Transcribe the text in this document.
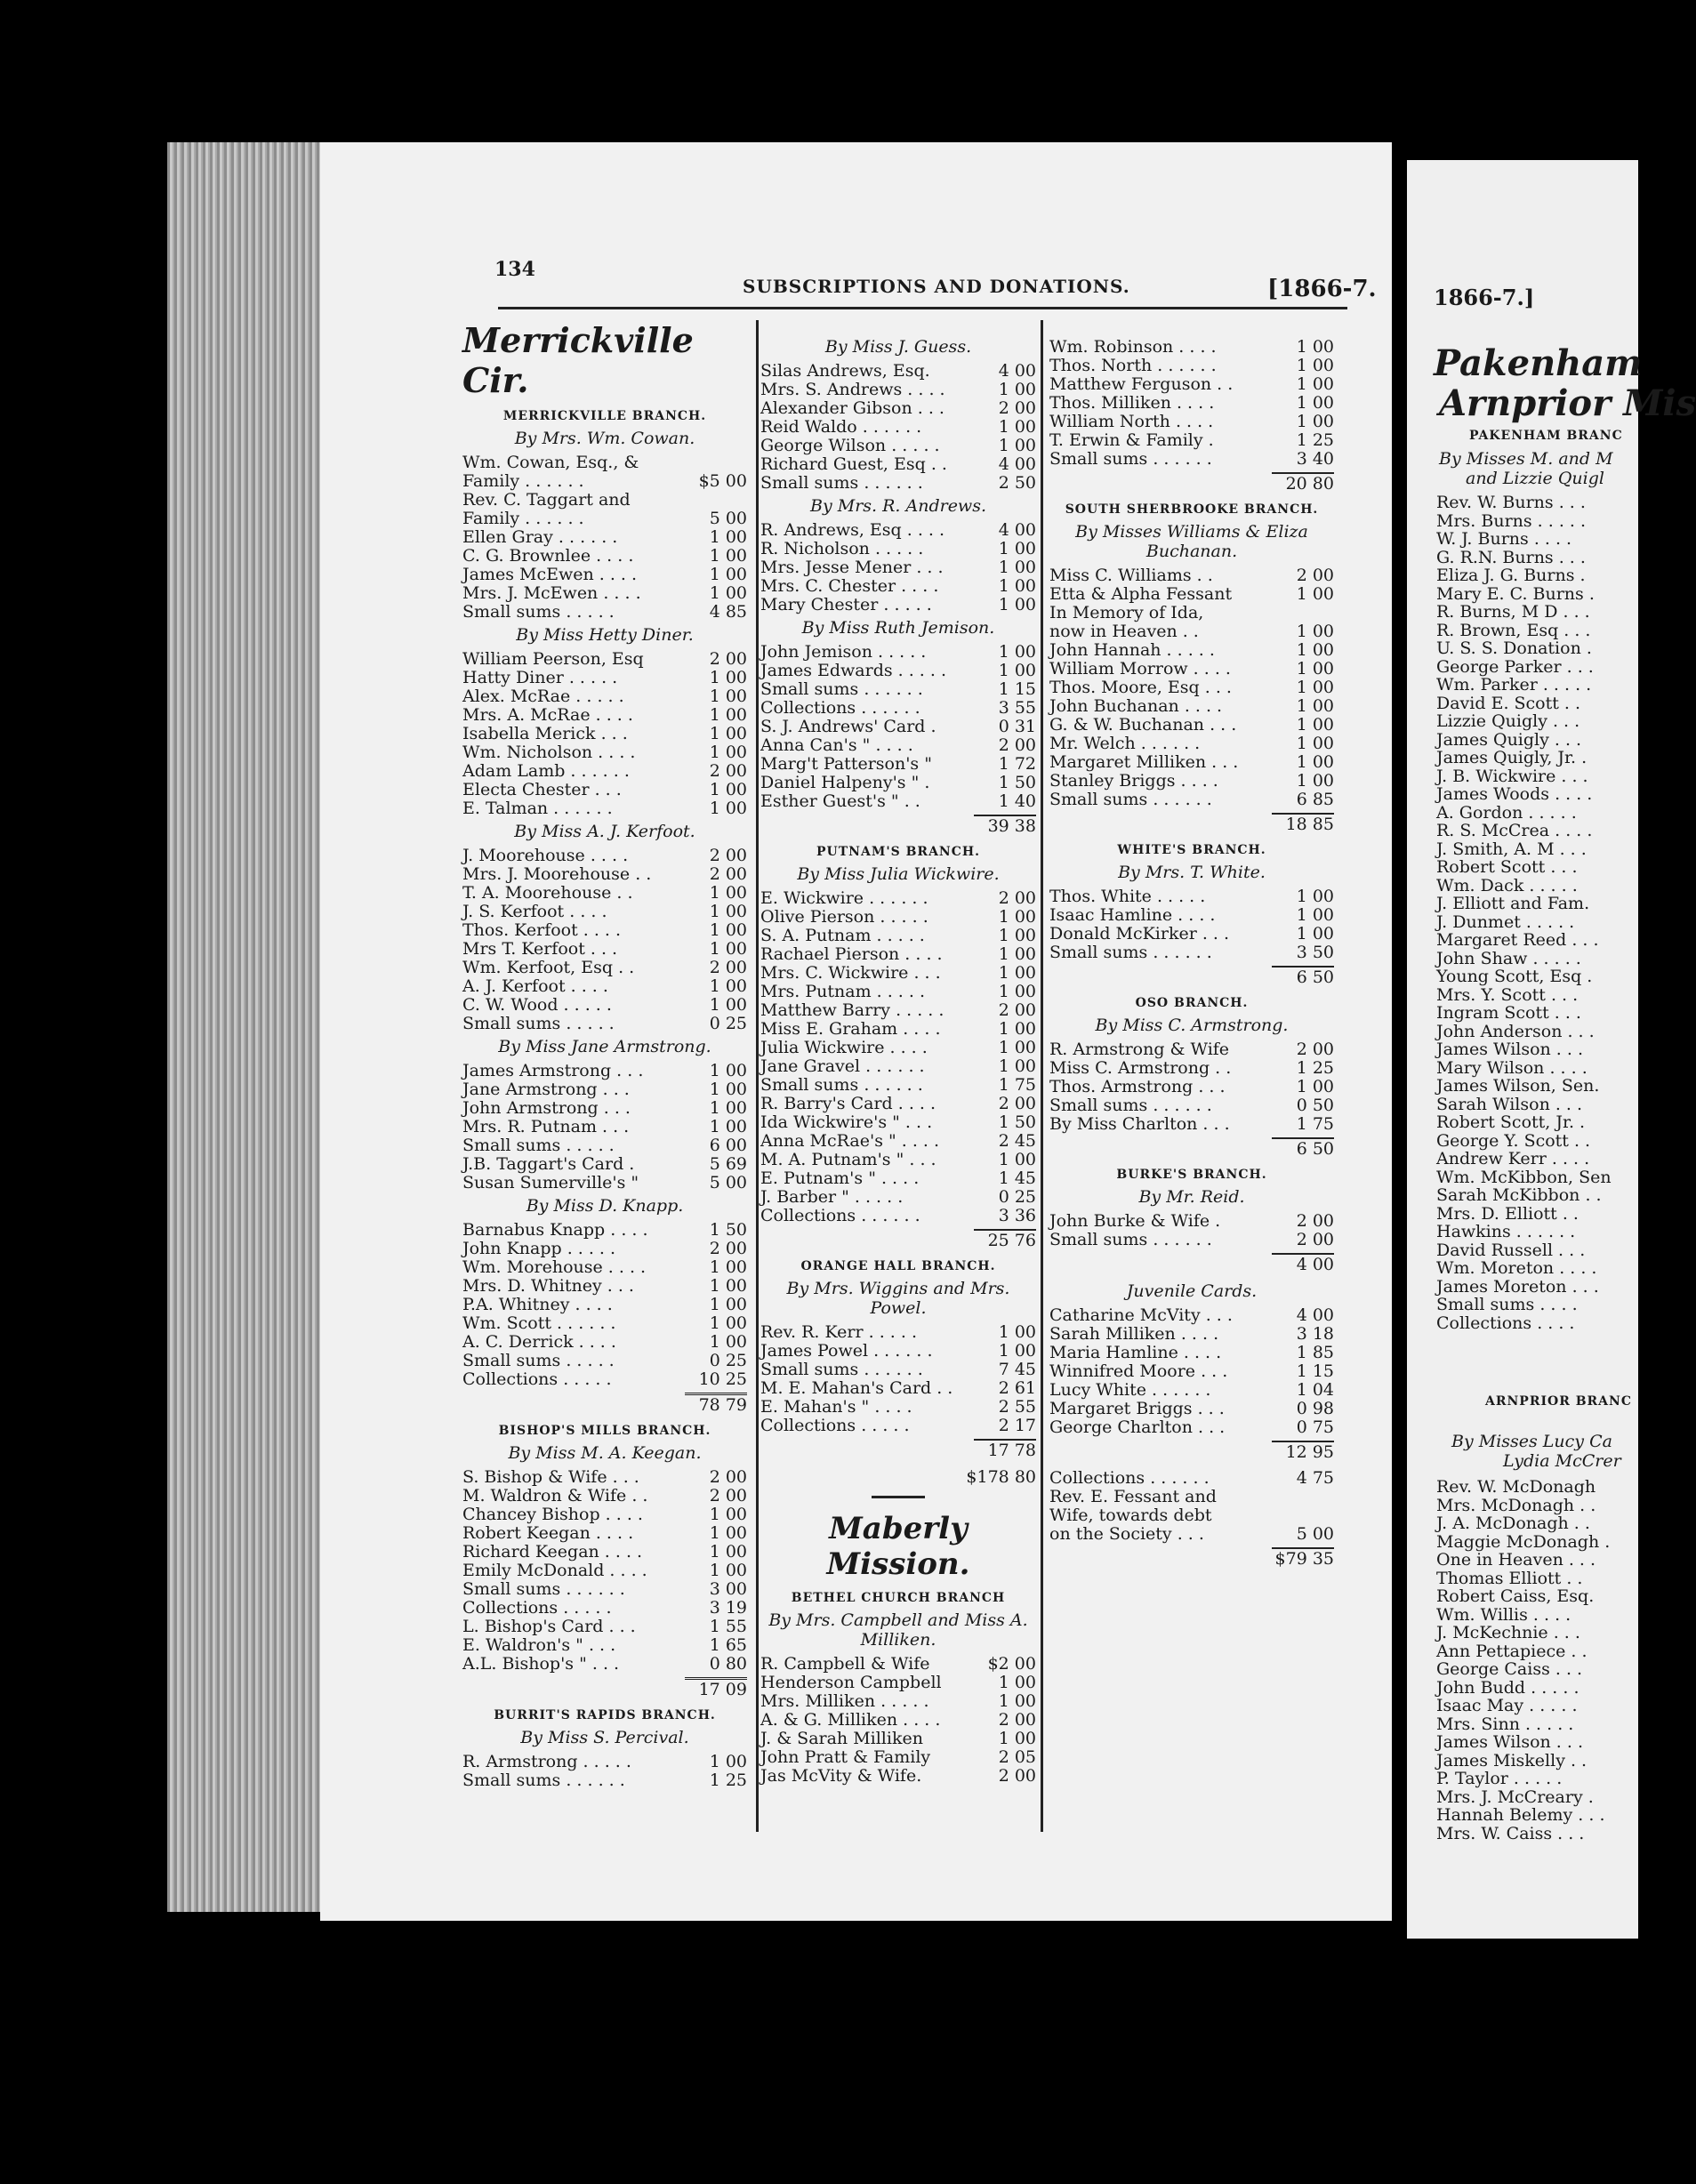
134
SUBSCRIPTIONS AND DONATIONS.	[1866-7.
Merrickville Cir.
MERRICKVILLE BRANCH.
By Mrs. Wm. Cowan.
Wm. Cowan, Esq., &
Family . . . . . .	$5 00
Rev. C. Taggart and
Family . . . . . .	5 00
Ellen Gray . . . . . .	1 00
C. G. Brownlee . . . .	1 00
James McEwen . . . .	1 00
Mrs. J. McEwen . . . .	1 00
Small sums . . . . .	4 85
By Miss Hetty Diner.
William Peerson, Esq	2 00
Hatty Diner . . . . .	1 00
Alex. McRae . . . . .	1 00
Mrs. A. McRae . . . .	1 00
Isabella Merick . . .	1 00
Wm. Nicholson . . . .	1 00
Adam Lamb . . . . . .	2 00
Electa Chester . . .	1 00
E. Talman . . . . . .	1 00
By Miss A. J. Kerfoot.
J. Moorehouse . . . .	2 00
Mrs. J. Moorehouse . .	2 00
T. A. Moorehouse . .	1 00
J. S. Kerfoot . . . .	1 00
Thos. Kerfoot . . . .	1 00
Mrs T. Kerfoot . . .	1 00
Wm. Kerfoot, Esq . .	2 00
A. J. Kerfoot . . . .	1 00
C. W. Wood . . . . .	1 00
Small sums . . . . .	0 25
By Miss Jane Armstrong.
James Armstrong . . .	1 00
Jane Armstrong . . .	1 00
John Armstrong . . .	1 00
Mrs. R. Putnam . . .	1 00
Small sums . . . . .	6 00
J.B. Taggart's Card .	5 69
Susan Sumerville's "	5 00
By Miss D. Knapp.
Barnabus Knapp . . . .	1 50
John Knapp . . . . .	2 00
Wm. Morehouse . . . .	1 00
Mrs. D. Whitney . . .	1 00
P.A. Whitney . . . .	1 00
Wm. Scott . . . . . .	1 00
A. C. Derrick . . . .	1 00
Small sums . . . . .	0 25
Collections . . . . .	10 25
78 79
BISHOP'S MILLS BRANCH.
By Miss M. A. Keegan.
S. Bishop & Wife . . .	2 00
M. Waldron & Wife . .	2 00
Chancey Bishop . . . .	1 00
Robert Keegan . . . .	1 00
Richard Keegan . . . .	1 00
Emily McDonald . . . .	1 00
Small sums . . . . . .	3 00
Collections . . . . .	3 19
L. Bishop's Card . . .	1 55
E. Waldron's " . . .	1 65
A.L. Bishop's " . . .	0 80
17 09
BURRIT'S RAPIDS BRANCH.
By Miss S. Percival.
R. Armstrong . . . . .	1 00
Small sums . . . . . .	1 25
By Miss J. Guess.
Silas Andrews, Esq.	4 00
Mrs. S. Andrews . . . .	1 00
Alexander Gibson . . .	2 00
Reid Waldo . . . . . .	1 00
George Wilson . . . . .	1 00
Richard Guest, Esq . .	4 00
Small sums . . . . . .	2 50
By Mrs. R. Andrews.
R. Andrews, Esq . . . .	4 00
R. Nicholson . . . . .	1 00
Mrs. Jesse Mener . . .	1 00
Mrs. C. Chester . . . .	1 00
Mary Chester . . . . .	1 00
By Miss Ruth Jemison.
John Jemison . . . . .	1 00
James Edwards . . . . .	1 00
Small sums . . . . . .	1 15
Collections . . . . . .	3 55
S. J. Andrews' Card .	0 31
Anna Can's " . . . .	2 00
Marg't Patterson's "	1 72
Daniel Halpeny's " .	1 50
Esther Guest's " . .	1 40
39 38
PUTNAM'S BRANCH.
By Miss Julia Wickwire.
E. Wickwire . . . . . .	2 00
Olive Pierson . . . . .	1 00
S. A. Putnam . . . . .	1 00
Rachael Pierson . . . .	1 00
Mrs. C. Wickwire . . .	1 00
Mrs. Putnam . . . . .	1 00
Matthew Barry . . . . .	2 00
Miss E. Graham . . . .	1 00
Julia Wickwire . . . .	1 00
Jane Gravel . . . . . .	1 00
Small sums . . . . . .	1 75
R. Barry's Card . . . .	2 00
Ida Wickwire's " . . .	1 50
Anna McRae's " . . . .	2 45
M. A. Putnam's " . . .	1 00
E. Putnam's " . . . .	1 45
J. Barber " . . . . .	0 25
Collections . . . . . .	3 36
25 76
ORANGE HALL BRANCH.
By Mrs. Wiggins and Mrs. Powel.
Rev. R. Kerr . . . . .	1 00
James Powel . . . . . .	1 00
Small sums . . . . . .	7 45
M. E. Mahan's Card . .	2 61
E. Mahan's " . . . .	2 55
Collections . . . . .	2 17
17 78
$178 80
Maberly Mission.
BETHEL CHURCH BRANCH
By Mrs. Campbell and Miss A. Milliken.
R. Campbell & Wife	$2 00
Henderson Campbell	1 00
Mrs. Milliken . . . . .	1 00
A. & G. Milliken . . . .	2 00
J. & Sarah Milliken	1 00
John Pratt & Family	2 05
Jas McVity & Wife.	2 00
Wm. Robinson . . . .	1 00
Thos. North . . . . . .	1 00
Matthew Ferguson . .	1 00
Thos. Milliken . . . .	1 00
William North . . . .	1 00
T. Erwin & Family .	1 25
Small sums . . . . . .	3 40
20 80
SOUTH SHERBROOKE BRANCH.
By Misses Williams & Eliza Buchanan.
Miss C. Williams . .	2 00
Etta & Alpha Fessant	1 00
In Memory of Ida,
now in Heaven . .	1 00
John Hannah . . . . .	1 00
William Morrow . . . .	1 00
Thos. Moore, Esq . . .	1 00
John Buchanan . . . .	1 00
G. & W. Buchanan . . .	1 00
Mr. Welch . . . . . .	1 00
Margaret Milliken . . .	1 00
Stanley Briggs . . . .	1 00
Small sums . . . . . .	6 85
18 85
WHITE'S BRANCH.
By Mrs. T. White.
Thos. White . . . . .	1 00
Isaac Hamline . . . .	1 00
Donald McKirker . . .	1 00
Small sums . . . . . .	3 50
6 50
OSO BRANCH.
By Miss C. Armstrong.
R. Armstrong & Wife	2 00
Miss C. Armstrong . .	1 25
Thos. Armstrong . . .	1 00
Small sums . . . . . .	0 50
By Miss Charlton . . .	1 75
6 50
BURKE'S BRANCH.
By Mr. Reid.
John Burke & Wife .	2 00
Small sums . . . . . .	2 00
4 00
Juvenile Cards.
Catharine McVity . . .	4 00
Sarah Milliken . . . .	3 18
Maria Hamline . . . .	1 85
Winnifred Moore . . .	1 15
Lucy White . . . . . .	1 04
Margaret Briggs . . .	0 98
George Charlton . . .	0 75
12 95
Collections . . . . . .	4 75
Rev. E. Fessant and
Wife, towards debt
on the Society . . .	5 00
$79 35
1866-7.]
Pakenham
Arnprior Mis
PAKENHAM BRANC
By Misses M. and M
and Lizzie Quigl
Rev. W. Burns . . .
Mrs. Burns . . . . .
W. J. Burns . . . .
G. R.N. Burns . . .
Eliza J. G. Burns .
Mary E. C. Burns .
R. Burns, M D . . .
R. Brown, Esq . . .
U. S. S. Donation .
George Parker . . .
Wm. Parker . . . . .
David E. Scott . .
Lizzie Quigly . . .
James Quigly . . .
James Quigly, Jr. .
J. B. Wickwire . . .
James Woods . . . .
A. Gordon . . . . .
R. S. McCrea . . . .
J. Smith, A. M . . .
Robert Scott . . .
Wm. Dack . . . . .
J. Elliott and Fam.
J. Dunmet . . . . .
Margaret Reed . . .
John Shaw . . . . .
Young Scott, Esq .
Mrs. Y. Scott . . .
Ingram Scott . . .
John Anderson . . .
James Wilson . . .
Mary Wilson . . . .
James Wilson, Sen.
Sarah Wilson . . .
Robert Scott, Jr. .
George Y. Scott . .
Andrew Kerr . . . .
Wm. McKibbon, Sen
Sarah McKibbon . .
Mrs. D. Elliott . .
Hawkins . . . . . .
David Russell . . .
Wm. Moreton . . . .
James Moreton . . .
Small sums . . . .
Collections . . . .
ARNPRIOR BRANC
By Misses Lucy Ca
Lydia McCrer
Rev. W. McDonagh
Mrs. McDonagh . .
J. A. McDonagh . .
Maggie McDonagh .
One in Heaven . . .
Thomas Elliott . .
Robert Caiss, Esq.
Wm. Willis . . . .
J. McKechnie . . .
Ann Pettapiece . .
George Caiss . . .
John Budd . . . . .
Isaac May . . . . .
Mrs. Sinn . . . . .
James Wilson . . .
James Miskelly . .
P. Taylor . . . . .
Mrs. J. McCreary .
Hannah Belemy . . .
Mrs. W. Caiss . . .
